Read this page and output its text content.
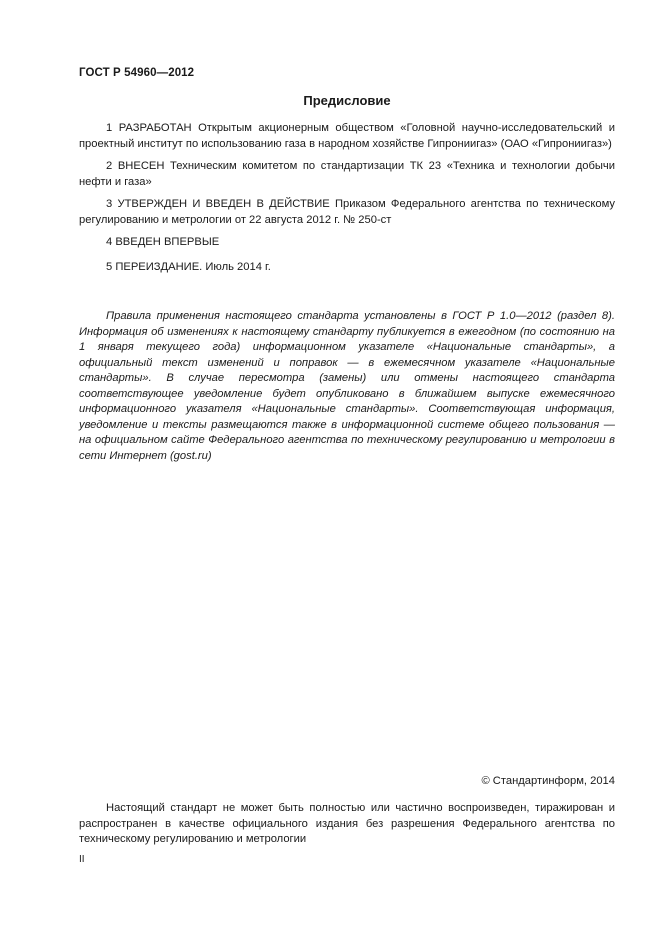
ГОСТ Р 54960—2012
Предисловие
1 РАЗРАБОТАН Открытым акционерным обществом «Головной научно-исследовательский и проектный институт по использованию газа в народном хозяйстве Гипрониигаз» (ОАО «Гипрониигаз»)
2 ВНЕСЕН Техническим комитетом по стандартизации ТК 23 «Техника и технологии добычи нефти и газа»
3 УТВЕРЖДЕН И ВВЕДЕН В ДЕЙСТВИЕ Приказом Федерального агентства по техническому регулированию и метрологии от 22 августа 2012 г. № 250-ст
4 ВВЕДЕН ВПЕРВЫЕ
5 ПЕРЕИЗДАНИЕ. Июль 2014 г.
Правила применения настоящего стандарта установлены в ГОСТ Р 1.0—2012 (раздел 8). Информация об изменениях к настоящему стандарту публикуется в ежегодном (по состоянию на 1 января текущего года) информационном указателе «Национальные стандарты», а официальный текст изменений и поправок — в ежемесячном указателе «Национальные стандарты». В случае пересмотра (замены) или отмены настоящего стандарта соответствующее уведомление будет опубликовано в ближайшем выпуске ежемесячного информационного указателя «Национальные стандарты». Соответствующая информация, уведомление и тексты размещаются также в информационной системе общего пользования — на официальном сайте Федерального агентства по техническому регулированию и метрологии в сети Интернет (gost.ru)
© Стандартинформ, 2014
Настоящий стандарт не может быть полностью или частично воспроизведен, тиражирован и распространен в качестве официального издания без разрешения Федерального агентства по техническому регулированию и метрологии
II
